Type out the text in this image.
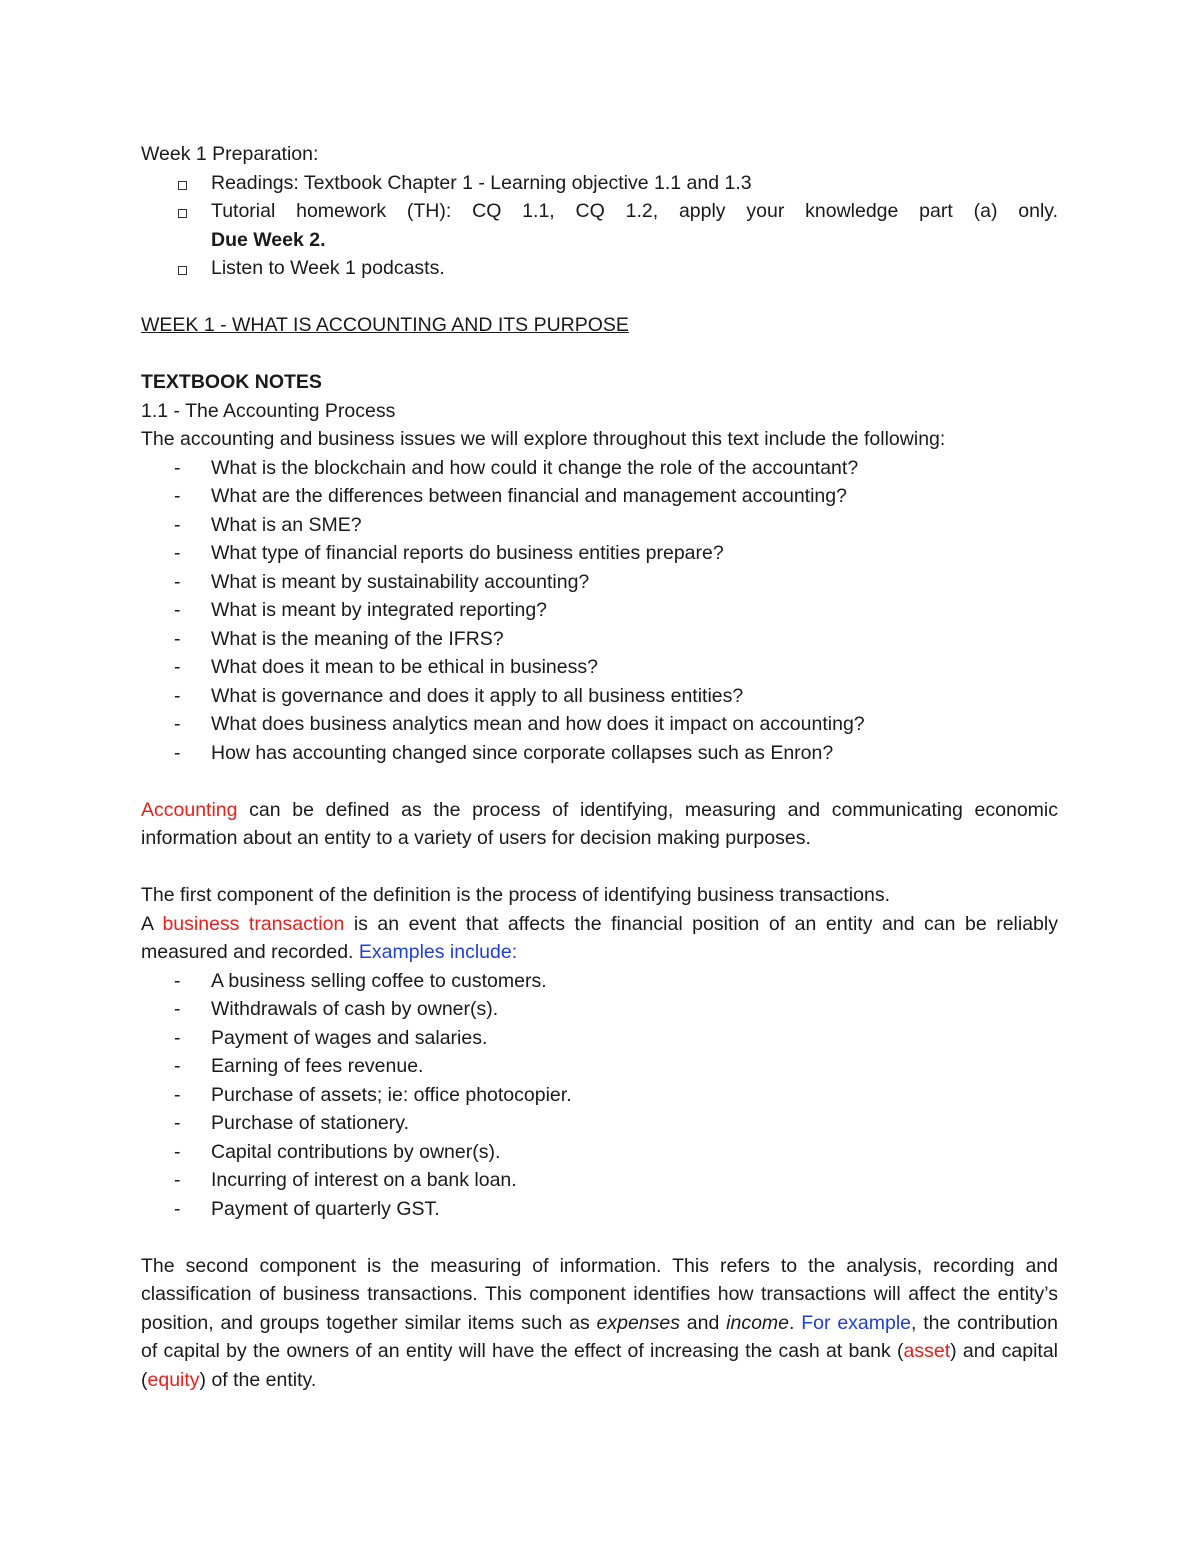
Week 1 Preparation:
Readings: Textbook Chapter 1 - Learning objective 1.1 and 1.3
Tutorial homework (TH): CQ 1.1, CQ 1.2, apply your knowledge part (a) only.
Due Week 2.
Listen to Week 1 podcasts.
WEEK 1 - WHAT IS ACCOUNTING AND ITS PURPOSE
TEXTBOOK NOTES
1.1 - The Accounting Process
The accounting and business issues we will explore throughout this text include the following:
- What is the blockchain and how could it change the role of the accountant?
- What are the differences between financial and management accounting?
- What is an SME?
- What type of financial reports do business entities prepare?
- What is meant by sustainability accounting?
- What is meant by integrated reporting?
- What is the meaning of the IFRS?
- What does it mean to be ethical in business?
- What is governance and does it apply to all business entities?
- What does business analytics mean and how does it impact on accounting?
- How has accounting changed since corporate collapses such as Enron?
Accounting can be defined as the process of identifying, measuring and communicating economic information about an entity to a variety of users for decision making purposes.
The first component of the definition is the process of identifying business transactions.
A business transaction is an event that affects the financial position of an entity and can be reliably measured and recorded. Examples include:
- A business selling coffee to customers.
- Withdrawals of cash by owner(s).
- Payment of wages and salaries.
- Earning of fees revenue.
- Purchase of assets; ie: office photocopier.
- Purchase of stationery.
- Capital contributions by owner(s).
- Incurring of interest on a bank loan.
- Payment of quarterly GST.
The second component is the measuring of information. This refers to the analysis, recording and classification of business transactions. This component identifies how transactions will affect the entity’s position, and groups together similar items such as expenses and income. For example, the contribution of capital by the owners of an entity will have the effect of increasing the cash at bank (asset) and capital (equity) of the entity.
